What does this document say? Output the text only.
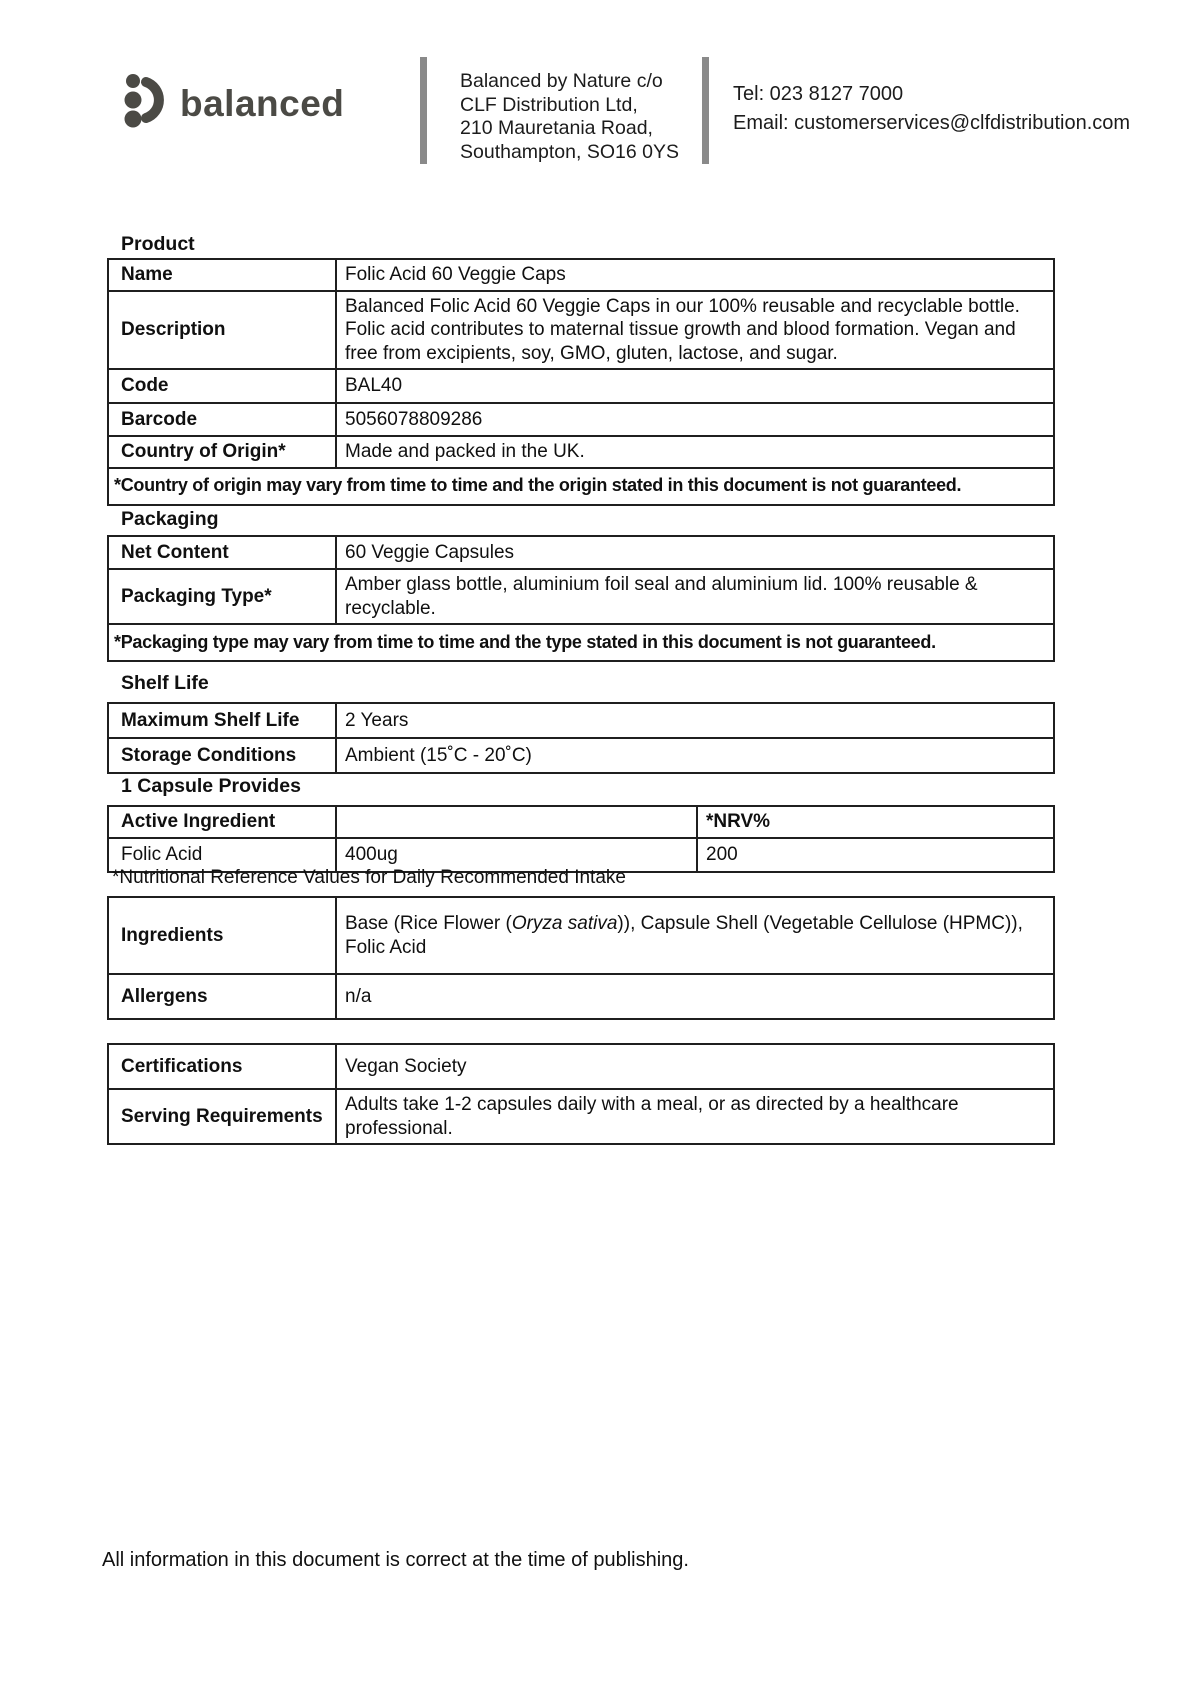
balanced
Balanced by Nature c/o
CLF Distribution Ltd,
210 Mauretania Road,
Southampton, SO16 0YS
Tel: 023 8127 7000
Email: customerservices@clfdistribution.com
Product
Name	Folic Acid 60 Veggie Caps
Description	Balanced Folic Acid 60 Veggie Caps in our 100% reusable and recyclable bottle. Folic acid contributes to maternal tissue growth and blood formation. Vegan and free from excipients, soy, GMO, gluten, lactose, and sugar.
Code	BAL40
Barcode	5056078809286
Country of Origin*	Made and packed in the UK.
*Country of origin may vary from time to time and the origin stated in this document is not guaranteed.	
Packaging
Net Content	60 Veggie Capsules
Packaging Type*	Amber glass bottle, aluminium foil seal and aluminium lid. 100% reusable & recyclable.
*Packaging type may vary from time to time and the type stated in this document is not guaranteed.	
Shelf Life
Maximum Shelf Life	2 Years
Storage Conditions	Ambient (15˚C - 20˚C)
1 Capsule Provides
Active Ingredient		*NRV%
Folic Acid	400ug	200
*Nutritional Reference Values for Daily Recommended Intake
Ingredients	Base (Rice Flower (Oryza sativa)), Capsule Shell (Vegetable Cellulose (HPMC)), Folic Acid
Allergens	n/a
Certifications	Vegan Society
Serving Requirements	Adults take 1-2 capsules daily with a meal, or as directed by a healthcare professional.
All information in this document is correct at the time of publishing.
